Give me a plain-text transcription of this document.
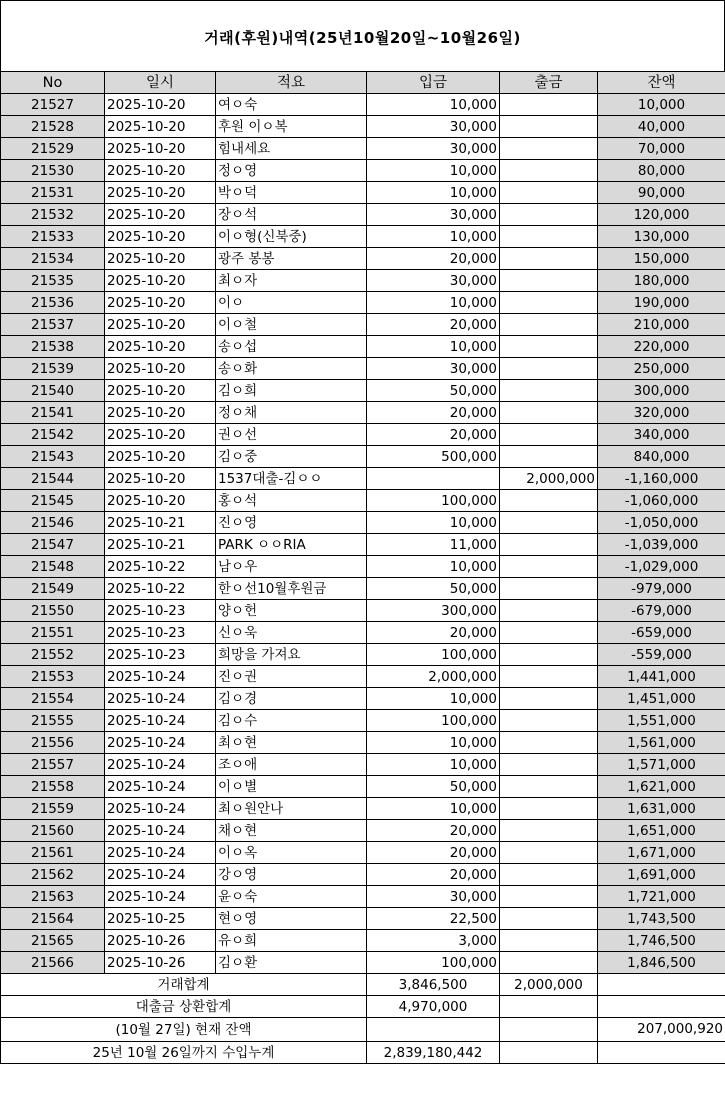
거래(후원)내역(25년10월20일~10월26일)
No	일시	적요	입금	출금	잔액
21527	2025-10-20	여ㅇ숙	10,000		10,000
21528	2025-10-20	후원 이ㅇ복	30,000		40,000
21529	2025-10-20	힘내세요	30,000		70,000
21530	2025-10-20	정ㅇ영	10,000		80,000
21531	2025-10-20	박ㅇ덕	10,000		90,000
21532	2025-10-20	장ㅇ석	30,000		120,000
21533	2025-10-20	이ㅇ형(신북중)	10,000		130,000
21534	2025-10-20	광주 봉봉	20,000		150,000
21535	2025-10-20	최ㅇ자	30,000		180,000
21536	2025-10-20	이ㅇ	10,000		190,000
21537	2025-10-20	이ㅇ철	20,000		210,000
21538	2025-10-20	송ㅇ섭	10,000		220,000
21539	2025-10-20	송ㅇ화	30,000		250,000
21540	2025-10-20	김ㅇ희	50,000		300,000
21541	2025-10-20	정ㅇ채	20,000		320,000
21542	2025-10-20	권ㅇ선	20,000		340,000
21543	2025-10-20	김ㅇ중	500,000		840,000
21544	2025-10-20	1537대출-김ㅇㅇ		2,000,000	-1,160,000
21545	2025-10-20	홍ㅇ석	100,000		-1,060,000
21546	2025-10-21	진ㅇ영	10,000		-1,050,000
21547	2025-10-21	PARK ㅇㅇRIA	11,000		-1,039,000
21548	2025-10-22	남ㅇ우	10,000		-1,029,000
21549	2025-10-22	한ㅇ선10월후원금	50,000		-979,000
21550	2025-10-23	양ㅇ헌	300,000		-679,000
21551	2025-10-23	신ㅇ욱	20,000		-659,000
21552	2025-10-23	희망을 가져요	100,000		-559,000
21553	2025-10-24	진ㅇ권	2,000,000		1,441,000
21554	2025-10-24	김ㅇ경	10,000		1,451,000
21555	2025-10-24	김ㅇ수	100,000		1,551,000
21556	2025-10-24	최ㅇ현	10,000		1,561,000
21557	2025-10-24	조ㅇ애	10,000		1,571,000
21558	2025-10-24	이ㅇ별	50,000		1,621,000
21559	2025-10-24	최ㅇ원안나	10,000		1,631,000
21560	2025-10-24	채ㅇ현	20,000		1,651,000
21561	2025-10-24	이ㅇ옥	20,000		1,671,000
21562	2025-10-24	강ㅇ영	20,000		1,691,000
21563	2025-10-24	윤ㅇ숙	30,000		1,721,000
21564	2025-10-25	현ㅇ영	22,500		1,743,500
21565	2025-10-26	유ㅇ희	3,000		1,746,500
21566	2025-10-26	김ㅇ환	100,000		1,846,500
거래합계			3,846,500	2,000,000	
대출금 상환합계			4,970,000		
(10월 27일) 현재 잔액					207,000,920
25년 10월 26일까지 수입누계			2,839,180,442		
